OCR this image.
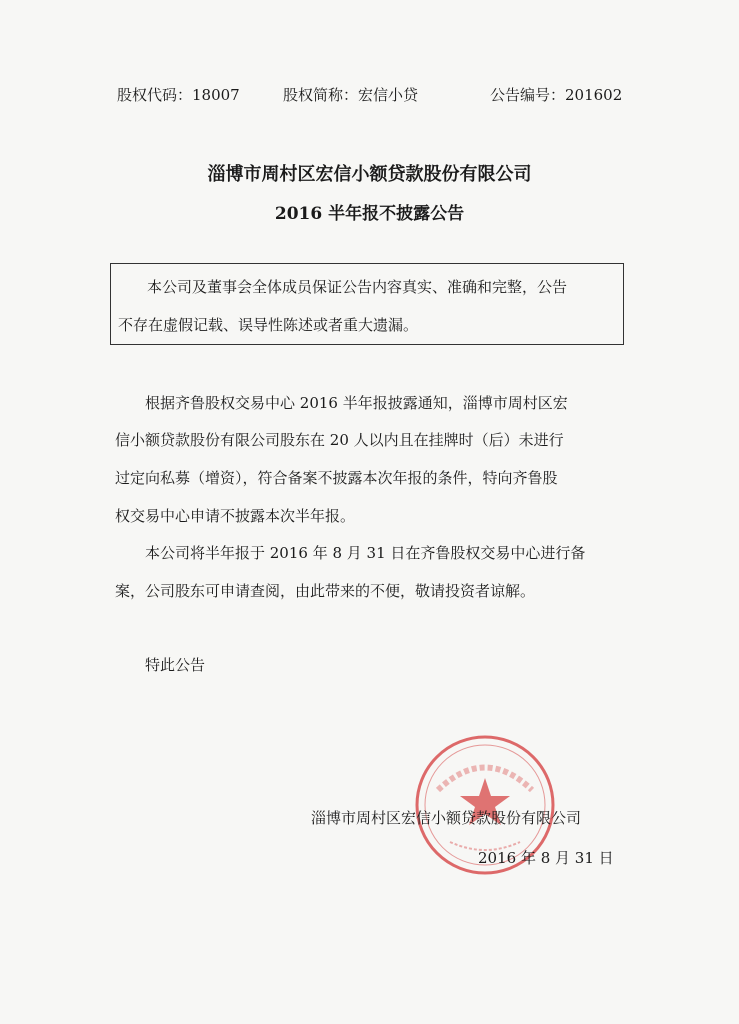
股权代码：18007	股权简称：宏信小贷	公告编号：201602
淄博市周村区宏信小额贷款股份有限公司
2016 半年报不披露公告
本公司及董事会全体成员保证公告内容真实、准确和完整，公告
不存在虚假记载、误导性陈述或者重大遗漏。
根据齐鲁股权交易中心 2016 半年报披露通知，淄博市周村区宏
信小额贷款股份有限公司股东在 20 人以内且在挂牌时（后）未进行
过定向私募（增资），符合备案不披露本次年报的条件，特向齐鲁股
权交易中心申请不披露本次半年报。
本公司将半年报于 2016 年 8 月 31 日在齐鲁股权交易中心进行备
案，公司股东可申请查阅，由此带来的不便，敬请投资者谅解。
特此公告
淄博市周村区宏信小额贷款股份有限公司
2016 年 8 月 31 日
